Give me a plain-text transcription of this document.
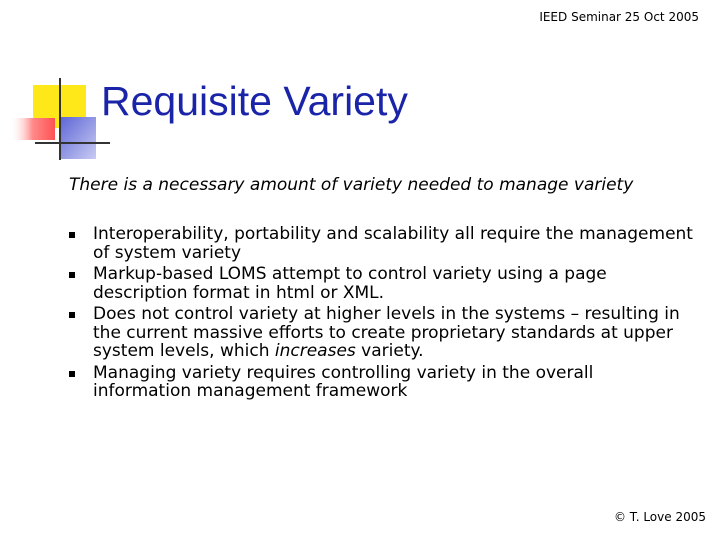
IEED Seminar 25 Oct 2005
Requisite Variety

There is a necessary amount of variety needed to manage variety

Interoperability, portability and scalability all require the management of system variety
Markup-based LOMS attempt to control variety using a page description format in html or XML.
Does not control variety at higher levels in the systems – resulting in the current massive efforts to create proprietary standards at upper system levels, which increases variety.
Managing variety requires controlling variety in the overall information management framework
© T. Love 2005
